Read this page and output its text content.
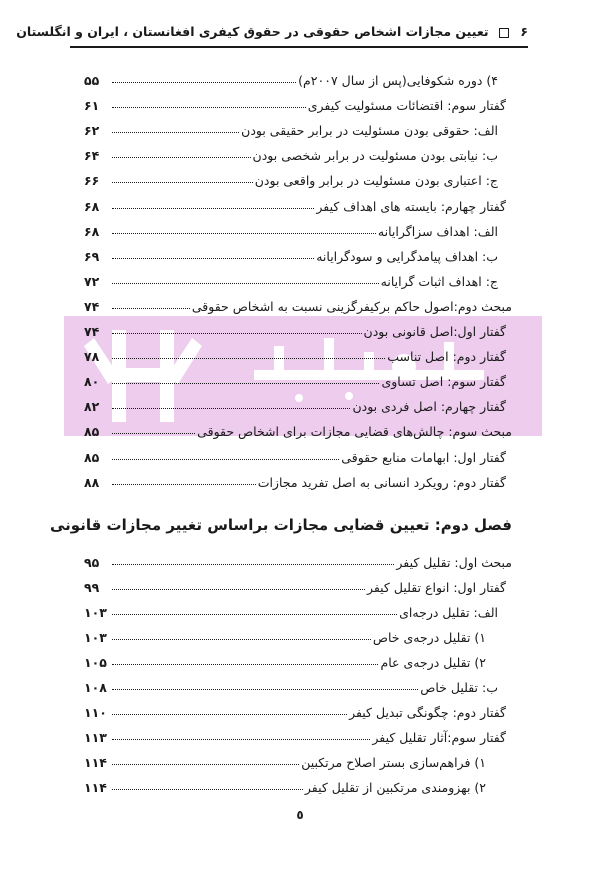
۶  تعیین مجازات اشخاص حقوقی در حقوق کیفری افغانستان ، ایران و انگلستان
۴) دوره شکوفایی(پس از سال ۲۰۰۷م)
۵۵
گفتار سوم: اقتضائات مسئولیت کیفری
۶۱
الف: حقوقی بودن مسئولیت در برابر حقیقی بودن
۶۲
ب: نیابتی بودن مسئولیت در برابر شخصی بودن
۶۴
ج: اعتباری بودن مسئولیت در برابر واقعی بودن
۶۶
گفتار چهارم: بایسته های اهداف کیفر
۶۸
الف: اهداف سزاگرایانه
۶۸
ب: اهداف پیامدگرایی و سودگرایانه
۶۹
ج: اهداف اثبات گرایانه
۷۲
مبحث دوم:اصول حاکم برکیفرگزینی نسبت به اشخاص حقوقی
۷۴
گفتار اول:اصل قانونی بودن
۷۴
گفتار دوم: اصل تناسب
۷۸
گفتار سوم: اصل تساوی
۸۰
گفتار چهارم: اصل فردی بودن
۸۲
مبحث سوم: چالش‌های قضایی مجازات برای اشخاص حقوقی
۸۵
گفتار اول: ابهامات منابع حقوقی
۸۵
گفتار دوم: رویکرد انسانی به اصل تفرید مجازات
۸۸
فصل دوم: تعیین قضایی مجازات براساس تغییر مجازات قانونی
مبحث اول: تقلیل کیفر
۹۵
گفتار اول: انواع تقلیل کیفر
۹۹
الف: تقلیل درجه‌ای
۱۰۳
۱) تقلیل درجه‌ی خاص
۱۰۳
۲) تقلیل درجه‌ی عام
۱۰۵
ب: تقلیل خاص
۱۰۸
گفتار دوم: چگونگی تبدیل کیفر
۱۱۰
گفتار سوم:آثار تقلیل کیفر
۱۱۳
۱) فراهم‌سازی بستر اصلاح مرتکبین
۱۱۴
۲) بهزومندی مرتکبین از تقلیل کیفر
۱۱۴
٥
